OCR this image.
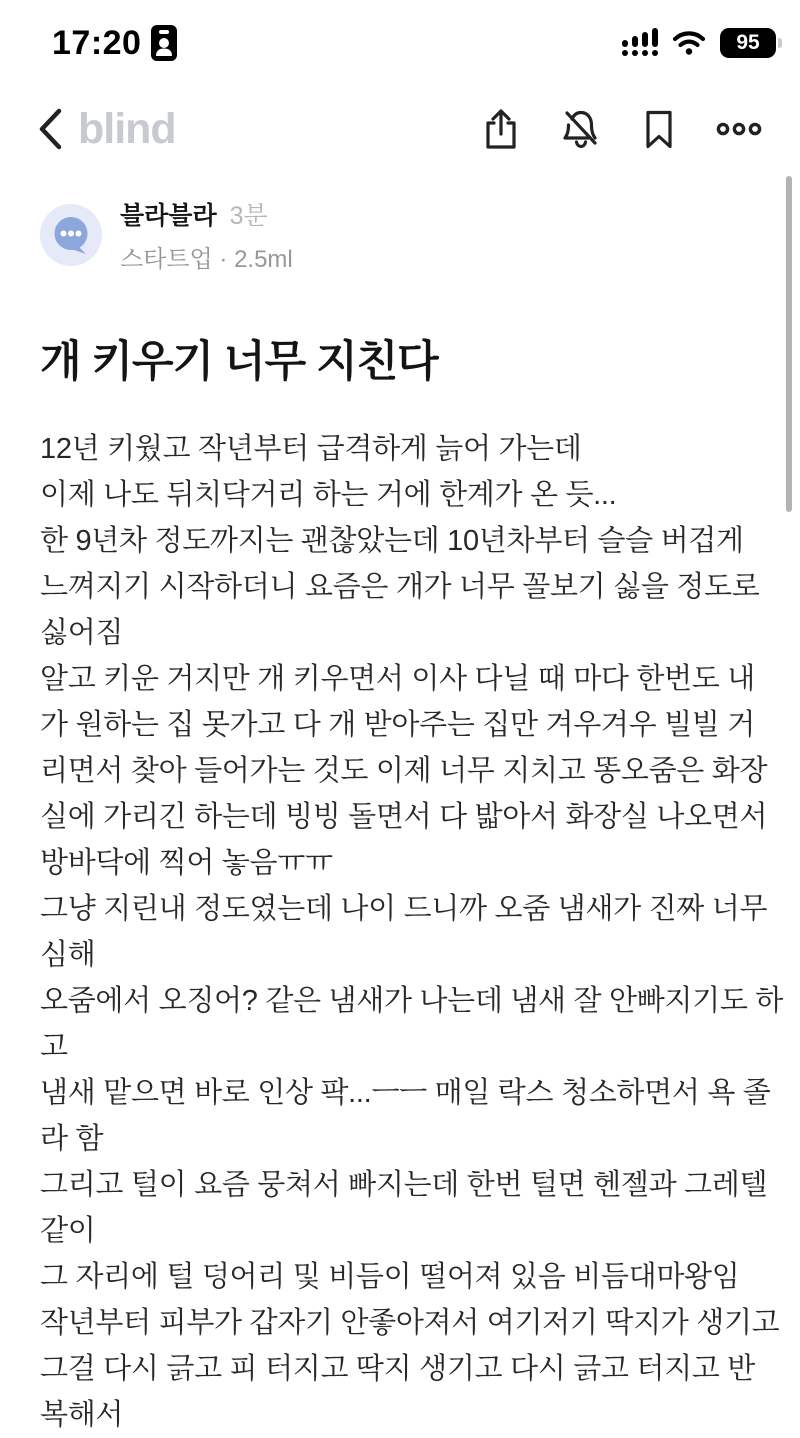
17:20	95
blind
블라블라 3분
스타트업 · 2.5ml
개 키우기 너무 지친다
12년 키웠고 작년부터 급격하게 늙어 가는데
이제 나도 뒤치닥거리 하는 거에 한계가 온 듯...
한 9년차 정도까지는 괜찮았는데 10년차부터 슬슬 버겁게
느껴지기 시작하더니 요즘은 개가 너무 꼴보기 싫을 정도로
싫어짐
알고 키운 거지만 개 키우면서 이사 다닐 때 마다 한번도 내
가 원하는 집 못가고 다 개 받아주는 집만 겨우겨우 빌빌 거
리면서 찾아 들어가는 것도 이제 너무 지치고 똥오줌은 화장
실에 가리긴 하는데 빙빙 돌면서 다 밟아서 화장실 나오면서
방바닥에 찍어 놓음ㅠㅠ
그냥 지린내 정도였는데 나이 드니까 오줌 냄새가 진짜 너무
심해
오줌에서 오징어? 같은 냄새가 나는데 냄새 잘 안빠지기도 하
고
냄새 맡으면 바로 인상 팍...ㅡㅡ 매일 락스 청소하면서 욕 졸
라 함
그리고 털이 요즘 뭉쳐서 빠지는데 한번 털면 헨젤과 그레텔
같이
그 자리에 털 덩어리 및 비듬이 떨어져 있음 비듬대마왕임
작년부터 피부가 갑자기 안좋아져서 여기저기 딱지가 생기고
그걸 다시 긁고 피 터지고 딱지 생기고 다시 긁고 터지고 반
복해서
